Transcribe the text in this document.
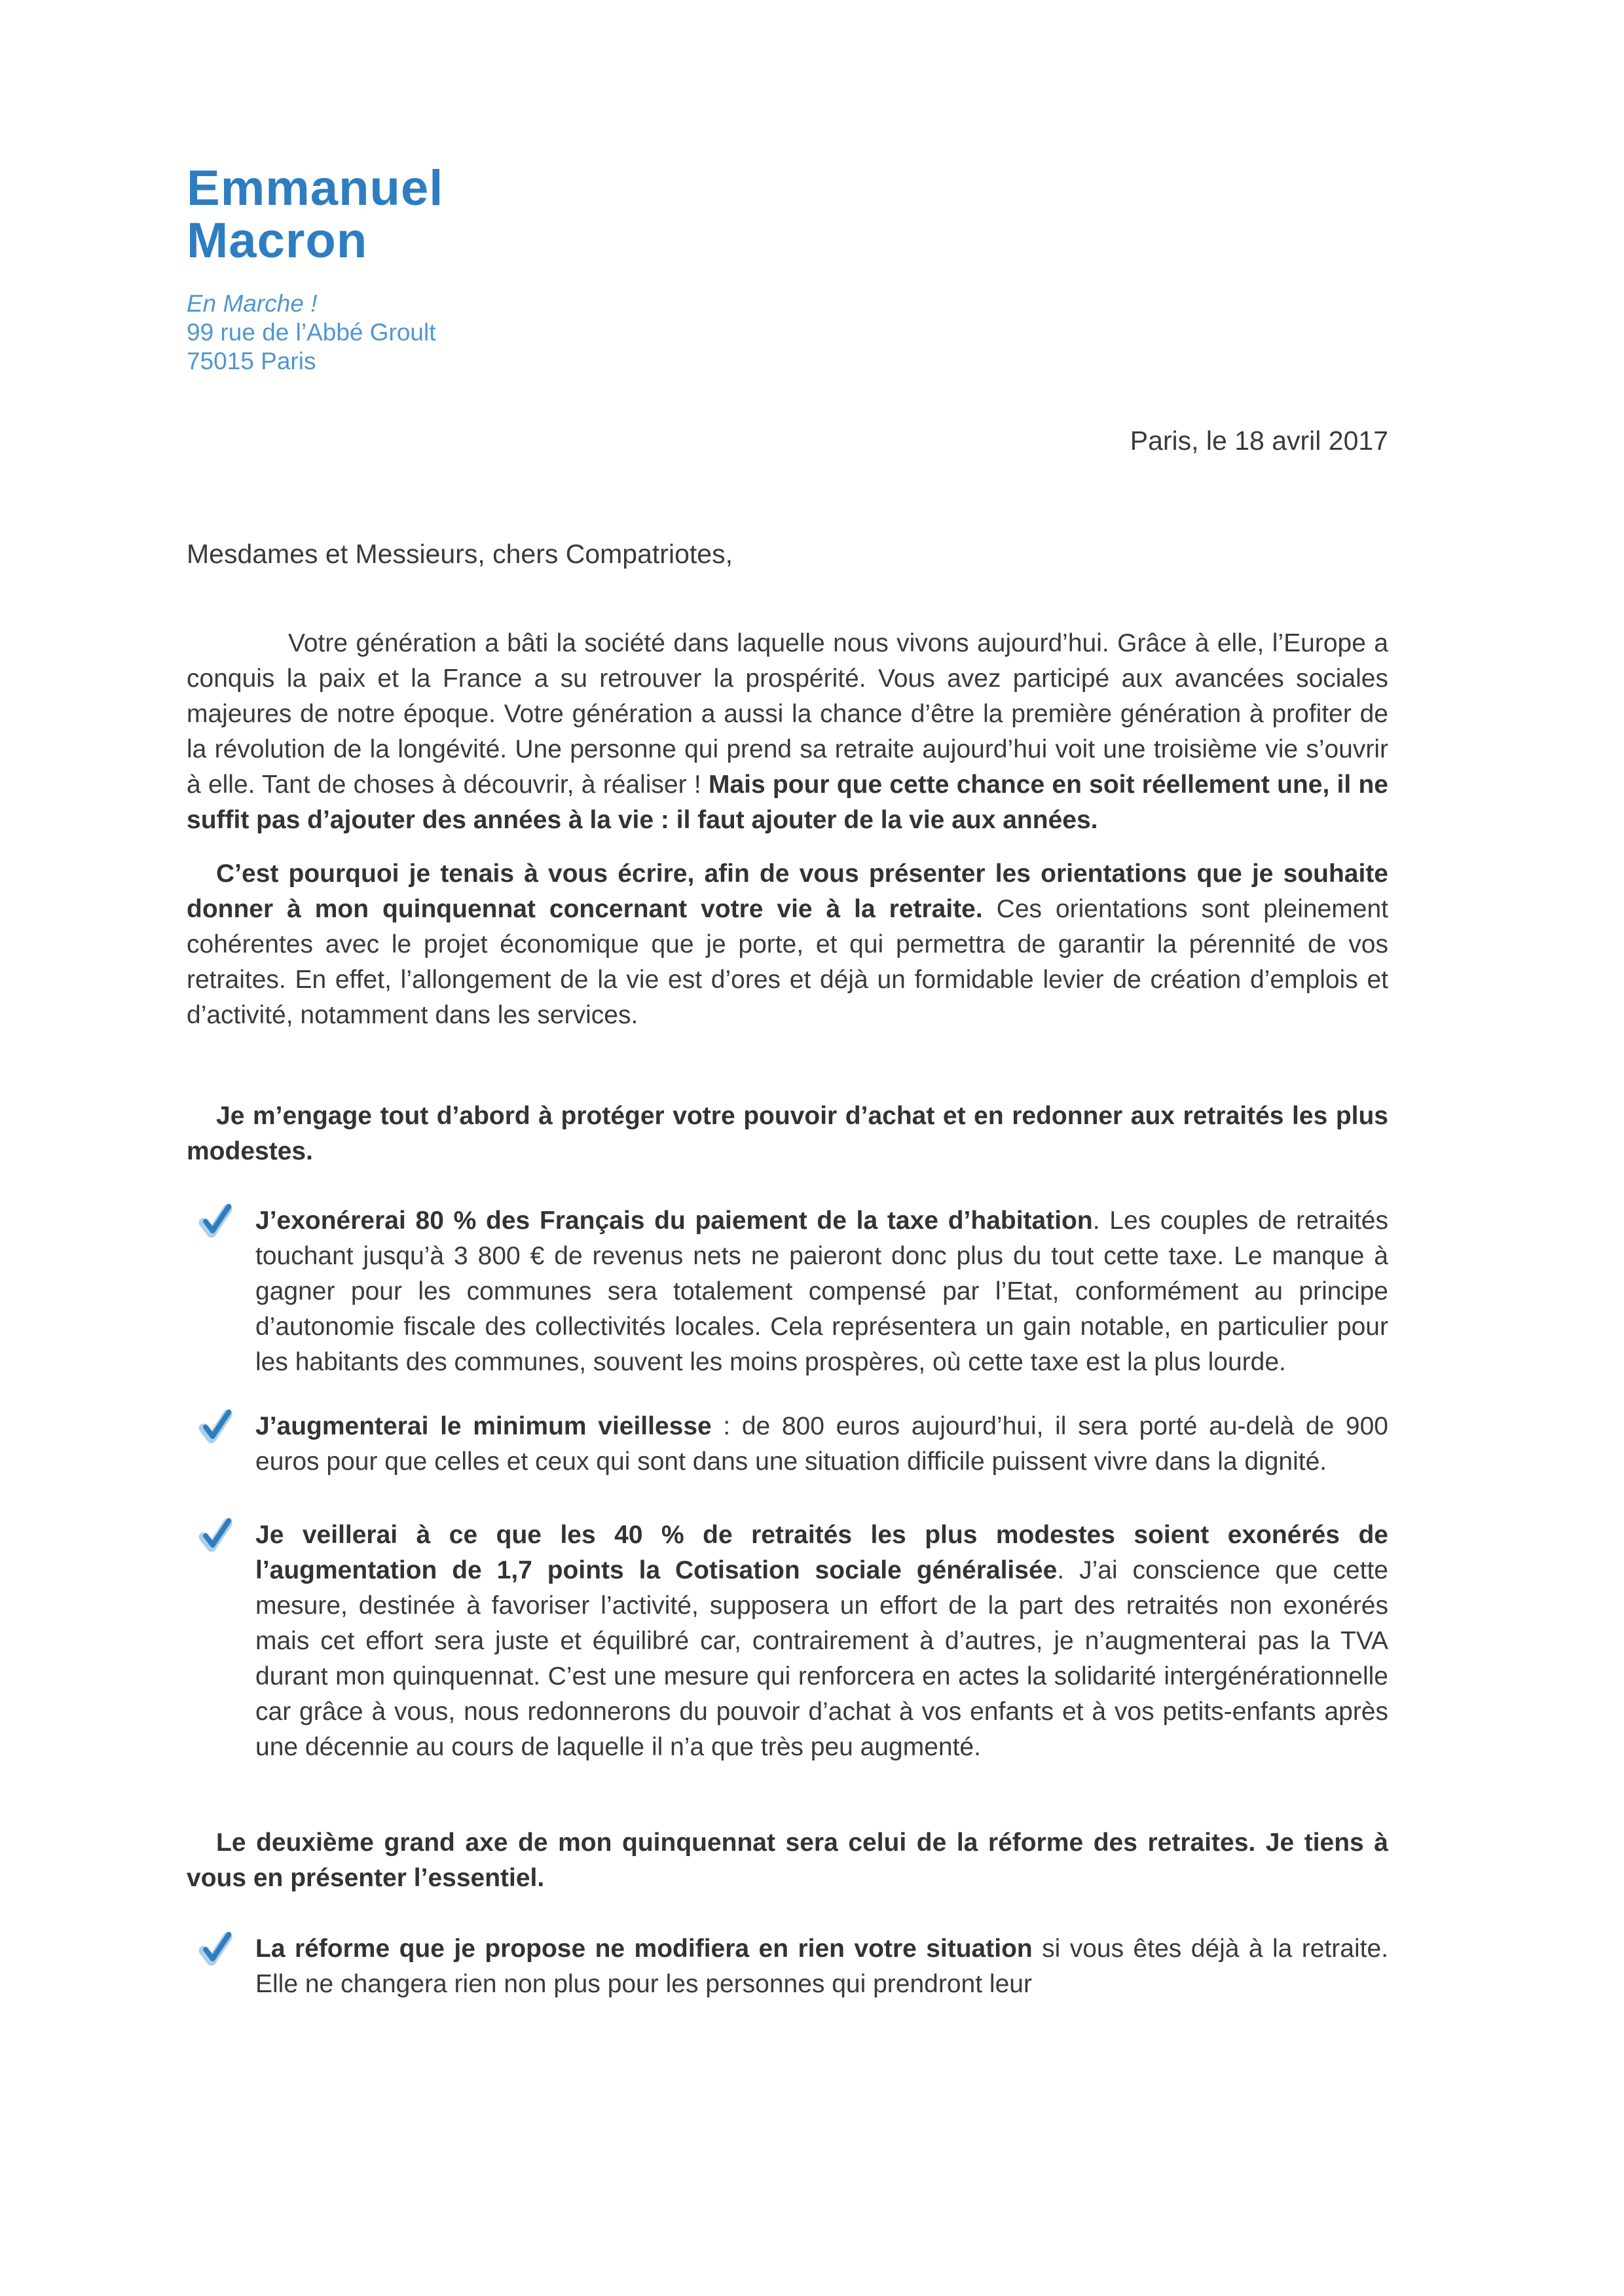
Emmanuel
Macron
En Marche !
99 rue de l’Abbé Groult
75015 Paris
Paris, le 18 avril 2017
Mesdames et Messieurs, chers Compatriotes,

Votre génération a bâti la société dans laquelle nous vivons aujourd’hui. Grâce à elle, l’Europe a conquis la paix et la France a su retrouver la prospérité. Vous avez participé aux avancées sociales majeures de notre époque. Votre génération a aussi la chance d’être la première génération à profiter de la révolution de la longévité. Une personne qui prend sa retraite aujourd’hui voit une troisième vie s’ouvrir à elle. Tant de choses à découvrir, à réaliser ! Mais pour que cette chance en soit réellement une, il ne suffit pas d’ajouter des années à la vie : il faut ajouter de la vie aux années.

C’est pourquoi je tenais à vous écrire, afin de vous présenter les orientations que je souhaite donner à mon quinquennat concernant votre vie à la retraite. Ces orientations sont pleinement cohérentes avec le projet économique que je porte, et qui permettra de garantir la pérennité de vos retraites. En effet, l’allongement de la vie est d’ores et déjà un formidable levier de création d’emplois et d’activité, notamment dans les services.

Je m’engage tout d’abord à protéger votre pouvoir d’achat et en redonner aux retraités les plus modestes.

J’exonérerai 80 % des Français du paiement de la taxe d’habitation. Les couples de retraités touchant jusqu’à 3 800 € de revenus nets ne paieront donc plus du tout cette taxe. Le manque à gagner pour les communes sera totalement compensé par l’Etat, conformément au principe d’autonomie fiscale des collectivités locales. Cela représentera un gain notable, en particulier pour les habitants des communes, souvent les moins prospères, où cette taxe est la plus lourde.

J’augmenterai le minimum vieillesse : de 800 euros aujourd’hui, il sera porté au-delà de 900 euros pour que celles et ceux qui sont dans une situation difficile puissent vivre dans la dignité.

Je veillerai à ce que les 40 % de retraités les plus modestes soient exonérés de l’augmentation de 1,7 points la Cotisation sociale généralisée. J’ai conscience que cette mesure, destinée à favoriser l’activité, supposera un effort de la part des retraités non exonérés mais cet effort sera juste et équilibré car, contrairement à d’autres, je n’augmenterai pas la TVA durant mon quinquennat. C’est une mesure qui renforcera en actes la solidarité intergénérationnelle car grâce à vous, nous redonnerons du pouvoir d’achat à vos enfants et à vos petits-enfants après une décennie au cours de laquelle il n’a que très peu augmenté.

Le deuxième grand axe de mon quinquennat sera celui de la réforme des retraites. Je tiens à vous en présenter l’essentiel.

La réforme que je propose ne modifiera en rien votre situation si vous êtes déjà à la retraite. Elle ne changera rien non plus pour les personnes qui prendront leur
